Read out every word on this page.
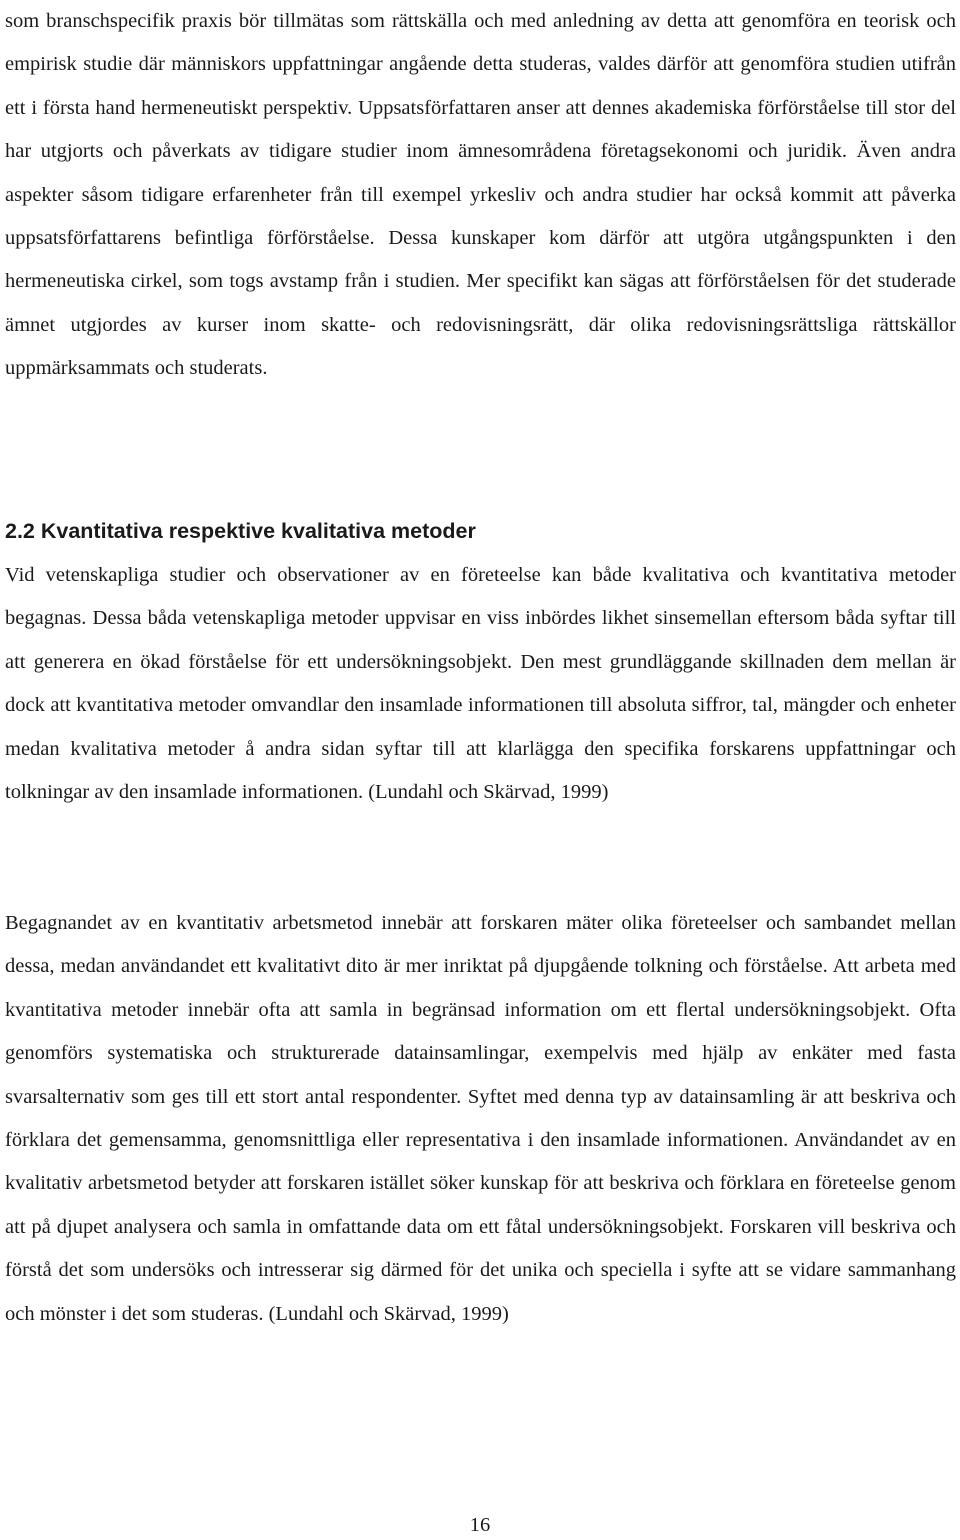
som branschspecifik praxis bör tillmätas som rättskälla och med anledning av detta att genomföra en teorisk och empirisk studie där människors uppfattningar angående detta studeras, valdes därför att genomföra studien utifrån ett i första hand hermeneutiskt perspektiv. Uppsatsförfattaren anser att dennes akademiska förförståelse till stor del har utgjorts och påverkats av tidigare studier inom ämnesområdena företagsekonomi och juridik. Även andra aspekter såsom tidigare erfarenheter från till exempel yrkesliv och andra studier har också kommit att påverka uppsatsförfattarens befintliga förförståelse. Dessa kunskaper kom därför att utgöra utgångspunkten i den hermeneutiska cirkel, som togs avstamp från i studien. Mer specifikt kan sägas att förförståelsen för det studerade ämnet utgjordes av kurser inom skatte- och redovisningsrätt, där olika redovisningsrättsliga rättskällor uppmärksammats och studerats.

2.2 Kvantitativa respektive kvalitativa metoder

Vid vetenskapliga studier och observationer av en företeelse kan både kvalitativa och kvantitativa metoder begagnas. Dessa båda vetenskapliga metoder uppvisar en viss inbördes likhet sinsemellan eftersom båda syftar till att generera en ökad förståelse för ett undersökningsobjekt. Den mest grundläggande skillnaden dem mellan är dock att kvantitativa metoder omvandlar den insamlade informationen till absoluta siffror, tal, mängder och enheter medan kvalitativa metoder å andra sidan syftar till att klarlägga den specifika forskarens uppfattningar och tolkningar av den insamlade informationen. (Lundahl och Skärvad, 1999)

Begagnandet av en kvantitativ arbetsmetod innebär att forskaren mäter olika företeelser och sambandet mellan dessa, medan användandet ett kvalitativt dito är mer inriktat på djupgående tolkning och förståelse. Att arbeta med kvantitativa metoder innebär ofta att samla in begränsad information om ett flertal undersökningsobjekt. Ofta genomförs systematiska och strukturerade datainsamlingar, exempelvis med hjälp av enkäter med fasta svarsalternativ som ges till ett stort antal respondenter. Syftet med denna typ av datainsamling är att beskriva och förklara det gemensamma, genomsnittliga eller representativa i den insamlade informationen. Användandet av en kvalitativ arbetsmetod betyder att forskaren istället söker kunskap för att beskriva och förklara en företeelse genom att på djupet analysera och samla in omfattande data om ett fåtal undersökningsobjekt. Forskaren vill beskriva och förstå det som undersöks och intresserar sig därmed för det unika och speciella i syfte att se vidare sammanhang och mönster i det som studeras. (Lundahl och Skärvad, 1999)

16
